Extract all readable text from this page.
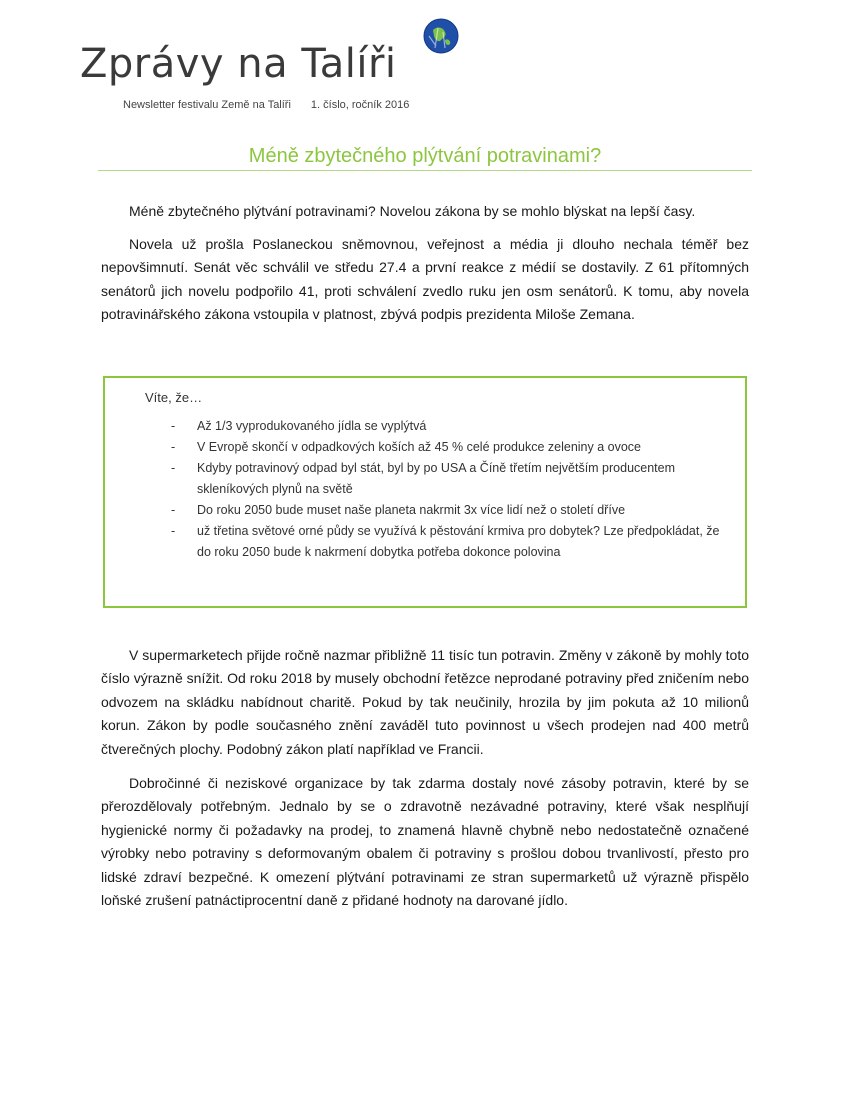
Zprávy na Talíři
Newsletter festivalu Země na Talíři 1. číslo, ročník 2016
Méně zbytečného plýtvání potravinami?

Méně zbytečného plýtvání potravinami? Novelou zákona by se mohlo blýskat na lepší časy.

Novela už prošla Poslaneckou sněmovnou, veřejnost a média ji dlouho nechala téměř bez nepovšimnutí. Senát věc schválil ve středu 27.4 a první reakce z médií se dostavily. Z 61 přítomných senátorů jich novelu podpořilo 41, proti schválení zvedlo ruku jen osm senátorů. K tomu, aby novela potravinářského zákona vstoupila v platnost, zbývá podpis prezidenta Miloše Zemana.

Víte, že…
- Až 1/3 vyprodukovaného jídla se vyplýtvá
- V Evropě skončí v odpadkových koších až 45 % celé produkce zeleniny a ovoce
- Kdyby potravinový odpad byl stát, byl by po USA a Číně třetím největším producentem skleníkových plynů na světě
- Do roku 2050 bude muset naše planeta nakrmit 3x více lidí než o století dříve
- už třetina světové orné půdy se využívá k pěstování krmiva pro dobytek? Lze předpokládat, že do roku 2050 bude k nakrmení dobytka potřeba dokonce polovina

V supermarketech přijde ročně nazmar přibližně 11 tisíc tun potravin. Změny v zákoně by mohly toto číslo výrazně snížit. Od roku 2018 by musely obchodní řetězce neprodané potraviny před zničením nebo odvozem na skládku nabídnout charitě. Pokud by tak neučinily, hrozila by jim pokuta až 10 milionů korun. Zákon by podle současného znění zaváděl tuto povinnost u všech prodejen nad 400 metrů čtverečných plochy. Podobný zákon platí například ve Francii.

Dobročinné či neziskové organizace by tak zdarma dostaly nové zásoby potravin, které by se přerozdělovaly potřebným. Jednalo by se o zdravotně nezávadné potraviny, které však nesplňují hygienické normy či požadavky na prodej, to znamená hlavně chybně nebo nedostatečně označené výrobky nebo potraviny s deformovaným obalem či potraviny s prošlou dobou trvanlivostí, přesto pro lidské zdraví bezpečné. K omezení plýtvání potravinami ze stran supermarketů už výrazně přispělo loňské zrušení patnáctiprocentní daně z přidané hodnoty na darované jídlo.
